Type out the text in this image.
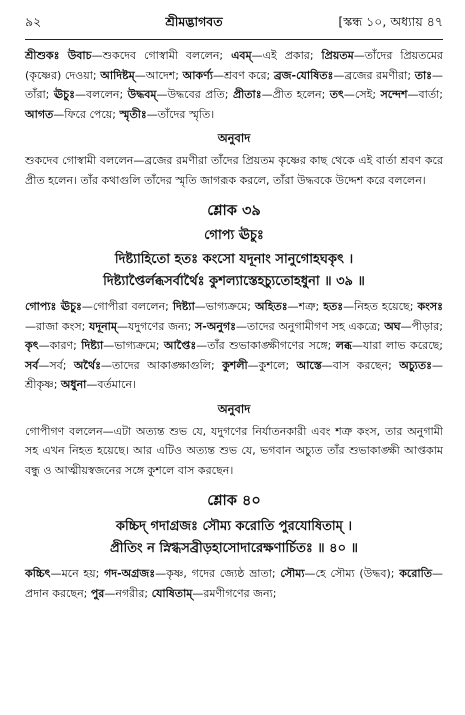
৯২	শ্রীমদ্ভাগবত	[স্কন্ধ ১০, অধ্যায় ৪৭

শ্রীশুকঃ উবাচ—শুকদেব গোস্বামী বললেন; এবম্—এই প্রকার; প্রিয়তম—তাঁদের প্রিয়তমের (কৃষ্ণের) দেওয়া; আদিষ্টম্—আদেশ; আকর্ণ্য—শ্রবণ করে; ব্রজ-যোষিতঃ—ব্রজের রমণীরা; তাঃ—তাঁরা; ঊচুঃ—বললেন; উদ্ধবম্—উদ্ধবের প্রতি; প্রীতাঃ—প্রীত হলেন; তৎ—সেই; সন্দেশ—বার্তা; আগত—ফিরে পেয়ে; স্মৃতীঃ—তাঁদের স্মৃতি।

অনুবাদ

শুকদেব গোস্বামী বললেন—ব্রজের রমণীরা তাঁদের প্রিয়তম কৃষ্ণের কাছ থেকে এই বার্তা শ্রবণ করে প্রীত হলেন। তাঁর কথাগুলি তাঁদের স্মৃতি জাগরূক করলে, তাঁরা উদ্ধবকে উদ্দেশ করে বললেন।

শ্লোক ৩৯
গোপ্য ঊচুঃ

দিষ্ট্যাহিতো হতঃ কংসো যদূনাং সানুগোহঘকৃৎ ।

দিষ্ট্যাপ্তৈর্লব্ধসর্বার্থৈঃ কুশল্যাস্তেহচ্যুতোহধুনা ॥ ৩৯ ॥

গোপ্যঃ ঊচুঃ—গোপীরা বললেন; দিষ্ট্যা—ভাগ্যক্রমে; অহিতঃ—শত্রু; হতঃ—নিহত হয়েছে; কংসঃ—রাজা কংস; যদূনাম্—যদুগণের জন্য; স-অনুগঃ—তাদের অনুগামীগণ সহ একত্রে; অঘ—পীড়ার; কৃৎ—কারণ; দিষ্ট্যা—ভাগ্যক্রমে; আপ্তৈঃ—তাঁর শুভাকাঙ্ক্ষীগণের সঙ্গে; লব্ধ—যারা লাভ করেছে; সর্ব—সর্ব; অর্থৈঃ—তাদের আকাঙ্ক্ষাগুলি; কুশলী—কুশলে; আস্তে—বাস করছেন; অচ্যুতঃ—শ্রীকৃষ্ণ; অধুনা—বর্তমানে।

অনুবাদ

গোপীগণ বললেন—এটা অত্যন্ত শুভ যে, যদুগণের নির্যাতনকারী এবং শত্রু কংস, তার অনুগামী সহ এখন নিহত হয়েছে। আর এটিও অত্যন্ত শুভ যে, ভগবান অচ্যুত তাঁর শুভাকাঙ্ক্ষী আপ্তকাম বন্ধু ও আত্মীয়স্বজনের সঙ্গে কুশলে বাস করছেন।

শ্লোক ৪০

কচ্চিদ্ গদাগ্রজঃ সৌম্য করোতি পুরযোষিতাম্ ।

প্রীতিং ন স্নিগ্ধসব্রীড়হাসোদারেক্ষণার্চিতঃ ॥ ৪০ ॥

কচ্চিৎ—মনে হয়; গদ-অগ্রজঃ—কৃষ্ণ, গদের জ্যেষ্ঠ ভ্রাতা; সৌম্য—হে সৌম্য (উদ্ধব); করোতি—প্রদান করছেন; পুর—নগরীর; যোষিতাম্—রমণীগণের জন্য;
